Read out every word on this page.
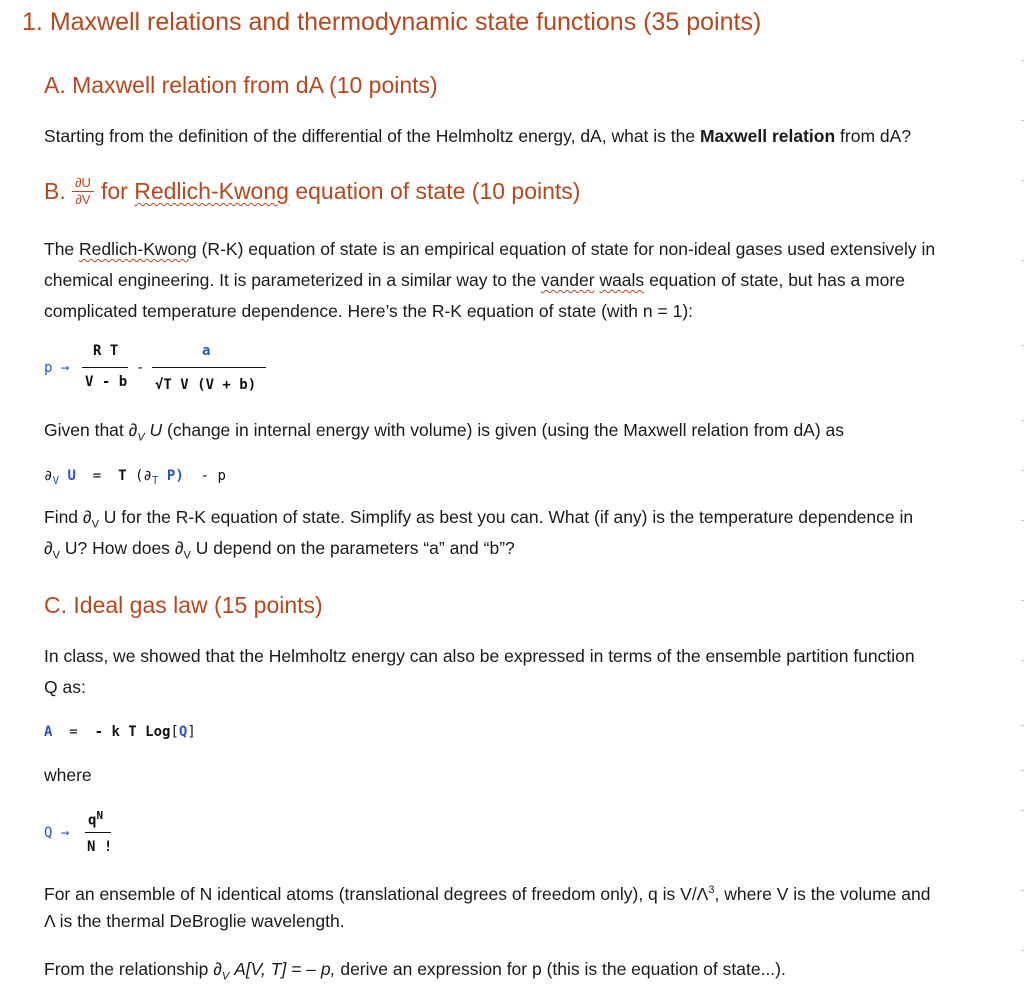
1. Maxwell relations and thermodynamic state functions (35 points)
A. Maxwell relation from dA (10 points)
Starting from the definition of the differential of the Helmholtz energy, dA, what is the Maxwell relation from dA?
B. ∂U
∂V for Redlich-Kwong equation of state (10 points)
The Redlich-Kwong (R-K) equation of state is an empirical equation of state for non-ideal gases used extensively in
chemical engineering. It is parameterized in a similar way to the vander waals equation of state, but has a more
complicated temperature dependence. Here’s the R-K equation of state (with n = 1):
p →
R T
V - b
-
a
√T V (V + b)
Given that $\partial_V$ U (change in internal energy with volume) is given (using the Maxwell relation from dA) as
$\partial_V$ U = T ($\partial_T$ P) - p
Find $\partial_V$ U for the R-K equation of state. Simplify as best you can. What (if any) is the temperature dependence in
$\partial_V$ U? How does $\partial_V$ U depend on the parameters “a” and “b”?
C. Ideal gas law (15 points)
In class, we showed that the Helmholtz energy can also be expressed in terms of the ensemble partition function
Q as:
A = - k T Log[Q]
where
Q →
$q^N$
N !
For an ensemble of N identical atoms (translational degrees of freedom only), q is $V/\Lambda^3$, where V is the volume and
Λ is the thermal DeBroglie wavelength.
From the relationship $\partial_V$ A[V, T] = – p, derive an expression for p (this is the equation of state...).
